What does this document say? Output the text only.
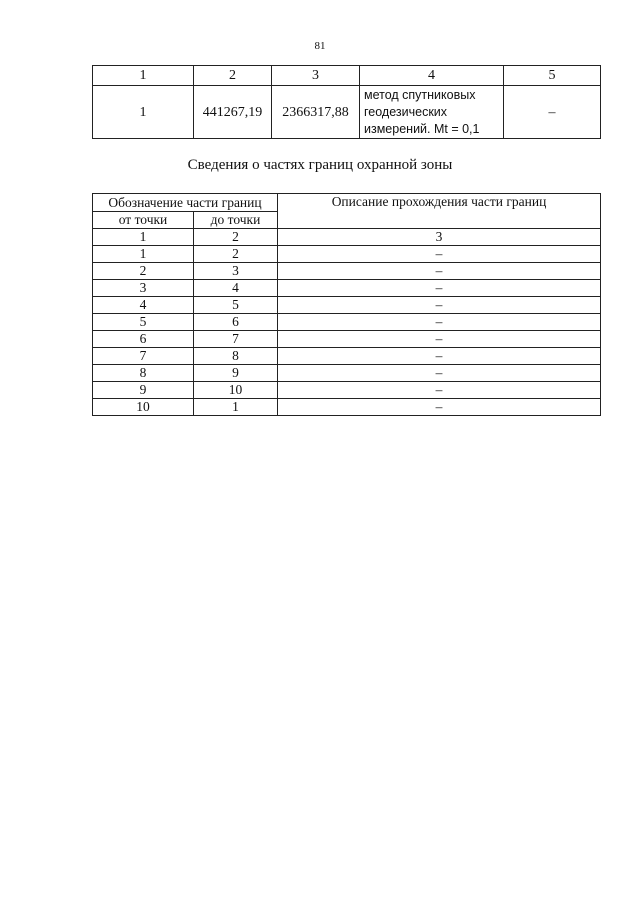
81
1	2	3	4	5
1	441267,19	2366317,88	метод спутниковых
геодезических
измерений. Mt = 0,1	–
Сведения о частях границ охранной зоны
Обозначение части границ		Описание прохождения части границ
от точки	до точки	
1	2	3
1	2	–
2	3	–
3	4	–
4	5	–
5	6	–
6	7	–
7	8	–
8	9	–
9	10	–
10	1	–
